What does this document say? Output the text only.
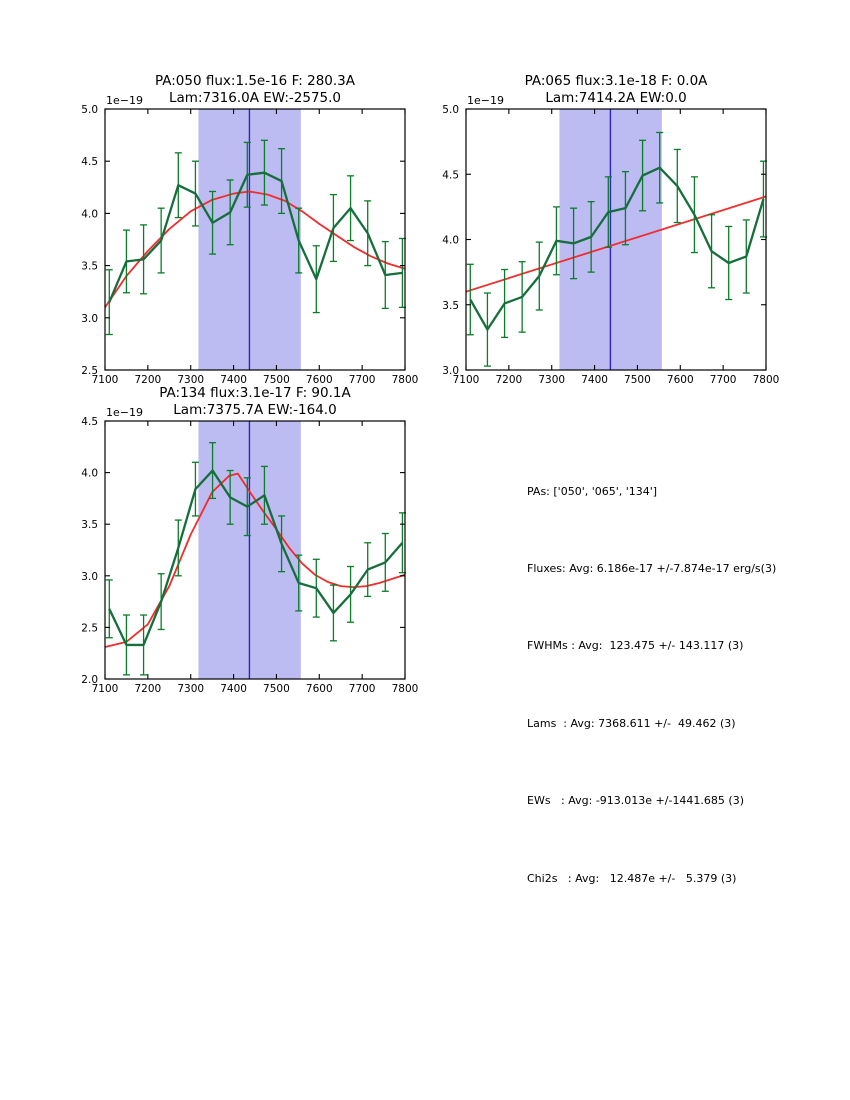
7100 7200 7300 7400 7500 7600 7700 7800
2.5
3.0
3.5
4.0
4.5
5.0
PA:050 flux:1.5e-16 F: 280.3A
Lam:7316.0A EW:-2575.0
1e−19
7100 7200 7300 7400 7500 7600 7700 7800
3.0
3.5
4.0
4.5
5.0
PA:065 flux:3.1e-18 F: 0.0A
Lam:7414.2A EW:0.0
1e−19
7100 7200 7300 7400 7500 7600 7700 7800
2.0
2.5
3.0
3.5
4.0
4.5
PA:134 flux:3.1e-17 F: 90.1A
Lam:7375.7A EW:-164.0
1e−19

PAs: ['050', '065', '134']

Fluxes: Avg: 6.186e-17 +/-7.874e-17 erg/s(3)

FWHMs : Avg:  123.475 +/- 143.117 (3)

Lams  : Avg: 7368.611 +/-  49.462 (3)

EWs   : Avg: -913.013e +/-1441.685 (3)

Chi2s   : Avg:   12.487e +/-   5.379 (3)
